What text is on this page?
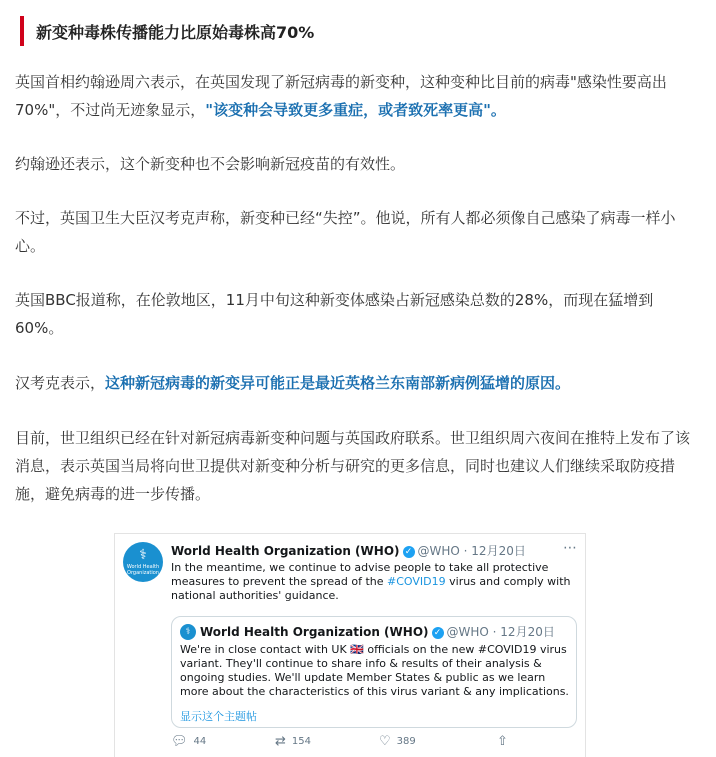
新变种毒株传播能力比原始毒株高70%

英国首相约翰逊周六表示，在英国发现了新冠病毒的新变种，这种变种比目前的病毒"感染性要高出70%"，不过尚无迹象显示，"该变种会导致更多重症，或者致死率更高"。

约翰逊还表示，这个新变种也不会影响新冠疫苗的有效性。

不过，英国卫生大臣汉考克声称，新变种已经“失控”。他说，所有人都必须像自己感染了病毒一样小心。

英国BBC报道称，在伦敦地区，11月中旬这种新变体感染占新冠感染总数的28%，而现在猛增到60%。

汉考克表示，这种新冠病毒的新变异可能正是最近英格兰东南部新病例猛增的原因。

目前，世卫组织已经在针对新冠病毒新变种问题与英国政府联系。世卫组织周六夜间在推特上发布了该消息，表示英国当局将向世卫提供对新变种分析与研究的更多信息，同时也建议人们继续采取防疫措施，避免病毒的进一步传播。

⚕
World Health Organization
World Health Organization (WHO) ✓ @WHO · 12月20日	⋯
In the meantime, we continue to advise people to take all protective measures to prevent the spread of the #COVID19 virus and comply with national authorities' guidance.
⚕ World Health Organization (WHO) ✓ @WHO · 12月20日
We're in close contact with UK 🇬🇧 officials on the new #COVID19 virus variant. They'll continue to share info & results of their analysis & ongoing studies. We'll update Member States & public as we learn more about the characteristics of this virus variant & any implications.
显示这个主题帖
💬︎ 44	⇄ 154	♡ 389	⇧
